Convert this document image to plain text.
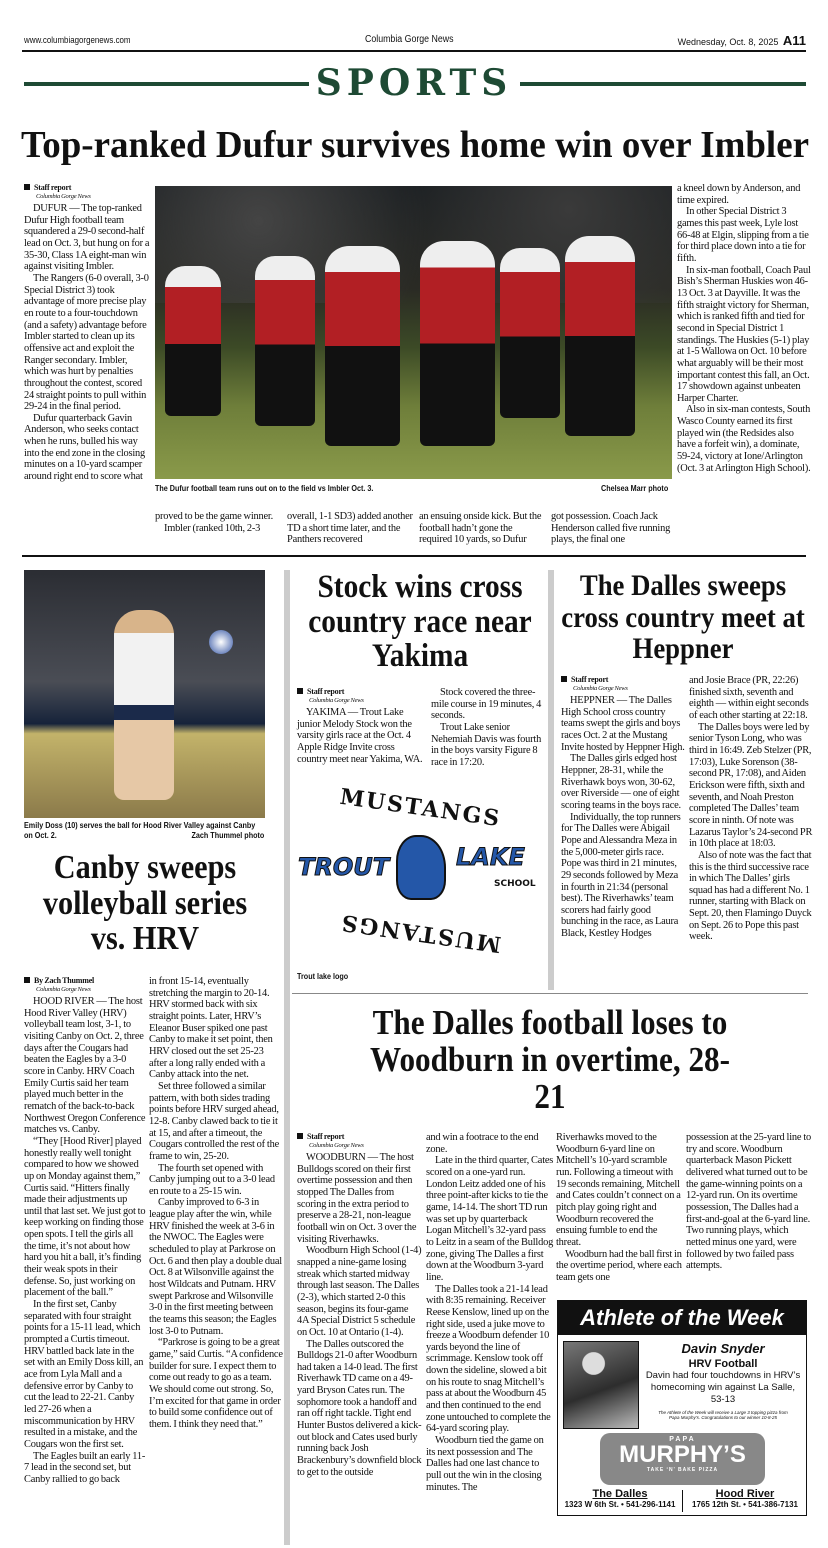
www.columbiagorgenews.com	Columbia Gorge News	Wednesday, Oct. 8, 2025 A11
SPORTS
Top-ranked Dufur survives home win over Imbler
Staff report
Columbia Gorge News

DUFUR — The top-ranked Dufur High football team squandered a 29-0 second-half lead on Oct. 3, but hung on for a 35-30, Class 1A eight-man win against visiting Imbler.

The Rangers (6-0 overall, 3-0 Special District 3) took advantage of more precise play en route to a four-touchdown (and a safety) advantage before Imbler started to clean up its offensive act and exploit the Ranger secondary. Imbler, which was hurt by penalties throughout the contest, scored 24 straight points to pull within 29-24 in the final period.

Dufur quarterback Gavin Anderson, who seeks contact when he runs, bulled his way into the end zone in the closing minutes on a 10-yard scamper around right end to score what

The Dufur football team runs out on to the field vs Imbler Oct. 3.	Chelsea Marr photo

proved to be the game winner.

Imbler (ranked 10th, 2-3

overall, 1-1 SD3) added another TD a short time later, and the Panthers recovered

an ensuing onside kick. But the football hadn’t gone the required 10 yards, so Dufur

got possession. Coach Jack Henderson called five running plays, the final one

a kneel down by Anderson, and time expired.

In other Special District 3 games this past week, Lyle lost 66-48 at Elgin, slipping from a tie for third place down into a tie for fifth.

In six-man football, Coach Paul Bish’s Sherman Huskies won 46-13 Oct. 3 at Dayville. It was the fifth straight victory for Sherman, which is ranked fifth and tied for second in Special District 1 standings. The Huskies (5-1) play at 1-5 Wallowa on Oct. 10 before what arguably will be their most important contest this fall, an Oct. 17 showdown against unbeaten Harper Charter.

Also in six-man contests, South Wasco County earned its first played win (the Redsides also have a forfeit win), a dominate, 59-24, victory at Ione/Arlington (Oct. 3 at Arlington High School).

Emily Doss (10) serves the ball for Hood River Valley against Canby on Oct. 2.	Zach Thummel photo
Canby sweeps volleyball series vs. HRV
By Zach Thummel
Columbia Gorge News

HOOD RIVER — The host Hood River Valley (HRV) volleyball team lost, 3-1, to visiting Canby on Oct. 2, three days after the Cougars had beaten the Eagles by a 3-0 score in Canby. HRV Coach Emily Curtis said her team played much better in the rematch of the back-to-back Northwest Oregon Conference matches vs. Canby.

“They [Hood River] played honestly really well tonight compared to how we showed up on Monday against them,” Curtis said. “Hitters finally made their adjustments up until that last set. We just got to keep working on finding those open spots. I tell the girls all the time, it’s not about how hard you hit a ball, it’s finding their weak spots in their defense. So, just working on placement of the ball.”

In the first set, Canby separated with four straight points for a 15-11 lead, which prompted a Curtis timeout. HRV battled back late in the set with an Emily Doss kill, an ace from Lyla Mall and a defensive error by Canby to cut the lead to 22-21. Canby led 27-26 when a miscommunication by HRV resulted in a mistake, and the Cougars won the first set.

The Eagles built an early 11-7 lead in the second set, but Canby rallied to go back

in front 15-14, eventually stretching the margin to 20-14. HRV stormed back with six straight points. Later, HRV’s Eleanor Buser spiked one past Canby to make it set point, then HRV closed out the set 25-23 after a long rally ended with a Canby attack into the net.

Set three followed a similar pattern, with both sides trading points before HRV surged ahead, 12-8. Canby clawed back to tie it at 15, and after a timeout, the Cougars controlled the rest of the frame to win, 25-20.

The fourth set opened with Canby jumping out to a 3-0 lead en route to a 25-15 win.

Canby improved to 6-3 in league play after the win, while HRV finished the week at 3-6 in the NWOC. The Eagles were scheduled to play at Parkrose on Oct. 6 and then play a double dual Oct. 8 at Wilsonville against the host Wildcats and Putnam. HRV swept Parkrose and Wilsonville 3-0 in the first meeting between the teams this season; the Eagles lost 3-0 to Putnam.

“Parkrose is going to be a great game,” said Curtis. “A confidence builder for sure. I expect them to come out ready to go as a team. We should come out strong. So, I’m excited for that game in order to build some confidence out of them. I think they need that.”

Stock wins cross country race near Yakima
Staff report
Columbia Gorge News

YAKIMA — Trout Lake junior Melody Stock won the varsity girls race at the Oct. 4 Apple Ridge Invite cross country meet near Yakima, WA.

Stock covered the three-mile course in 19 minutes, 4 seconds.

Trout Lake senior Nehemiah Davis was fourth in the boys varsity Figure 8 race in 17:20.

MUSTANGS
TROUT	LAKE
SCHOOL
MUSTANGS
Trout lake logo
The Dalles sweeps cross country meet at Heppner
Staff report
Columbia Gorge News

HEPPNER — The Dalles High School cross country teams swept the girls and boys races Oct. 2 at the Mustang Invite hosted by Heppner High.

The Dalles girls edged host Heppner, 28-31, while the Riverhawk boys won, 30-62, over Riverside — one of eight scoring teams in the boys race.

Individually, the top runners for The Dalles were Abigail Pope and Alessandra Meza in the 5,000-meter girls race. Pope was third in 21 minutes, 29 seconds followed by Meza in fourth in 21:34 (personal best). The Riverhawks’ team scorers had fairly good bunching in the race, as Laura Black, Kestley Hodges

and Josie Brace (PR, 22:26) finished sixth, seventh and eighth — within eight seconds of each other starting at 22:18.

The Dalles boys were led by senior Tyson Long, who was third in 16:49. Zeb Stelzer (PR, 17:03), Luke Sorenson (38-second PR, 17:08), and Aiden Erickson were fifth, sixth and seventh, and Noah Preston completed The Dalles’ team score in ninth. Of note was Lazarus Taylor’s 24-second PR in 10th place at 18:03.

Also of note was the fact that this is the third successive race in which The Dalles’ girls squad has had a different No. 1 runner, starting with Black on Sept. 20, then Flamingo Duyck on Sept. 26 to Pope this past week.

The Dalles football loses to Woodburn in overtime, 28-21
Staff report
Columbia Gorge News

WOODBURN — The host Bulldogs scored on their first overtime possession and then stopped The Dalles from scoring in the extra period to preserve a 28-21, non-league football win on Oct. 3 over the visiting Riverhawks.

Woodburn High School (1-4) snapped a nine-game losing streak which started midway through last season. The Dalles (2-3), which started 2-0 this season, begins its four-game 4A Special District 5 schedule on Oct. 10 at Ontario (1-4).

The Dalles outscored the Bulldogs 21-0 after Woodburn had taken a 14-0 lead. The first Riverhawk TD came on a 49-yard Bryson Cates run. The sophomore took a handoff and ran off right tackle. Tight end Hunter Bustos delivered a kick-out block and Cates used burly running back Josh Brackenbury’s downfield block to get to the outside

and win a footrace to the end zone.

Late in the third quarter, Cates scored on a one-yard run. London Leitz added one of his three point-after kicks to tie the game, 14-14. The short TD run was set up by quarterback Logan Mitchell’s 32-yard pass to Leitz in a seam of the Bulldog zone, giving The Dalles a first down at the Woodburn 3-yard line.

The Dalles took a 21-14 lead with 8:35 remaining. Receiver Reese Kenslow, lined up on the right side, used a juke move to freeze a Woodburn defender 10 yards beyond the line of scrimmage. Kenslow took off down the sideline, slowed a bit on his route to snag Mitchell’s pass at about the Woodburn 45 and then continued to the end zone untouched to complete the 64-yard scoring play.

Woodburn tied the game on its next possession and The Dalles had one last chance to pull out the win in the closing minutes. The

Riverhawks moved to the Woodburn 6-yard line on Mitchell’s 10-yard scramble run. Following a timeout with 19 seconds remaining, Mitchell and Cates couldn’t connect on a pitch play going right and Woodburn recovered the ensuing fumble to end the threat.

Woodburn had the ball first in the overtime period, where each team gets one

possession at the 25-yard line to try and score. Woodburn quarterback Mason Pickett delivered what turned out to be the game-winning points on a 12-yard run. On its overtime possession, The Dalles had a first-and-goal at the 6-yard line. Two running plays, which netted minus one yard, were followed by two failed pass attempts.

Athlete of the Week
Davin Snyder
HRV Football
Davin had four touchdowns in HRV’s homecoming win against La Salle, 53-13
The Athlete of the Week will receive a Large 3 topping pizza from Papa Murphy’s. Congratulations to our winner 10-8-25
PAPA
MURPHY’S
TAKE ‘N’ BAKE PIZZA
The Dalles
1323 W 6th St. • 541-296-1141
Hood River
1765 12th St. • 541-386-7131
